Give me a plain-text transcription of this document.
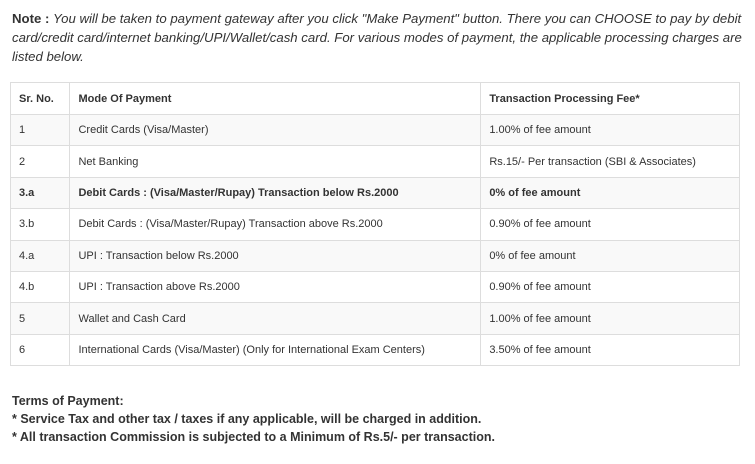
Note : You will be taken to payment gateway after you click "Make Payment" button. There you can CHOOSE to pay by debit card/credit card/internet banking/UPI/Wallet/cash card. For various modes of payment, the applicable processing charges are listed below.
Sr. No.	Mode Of Payment	Transaction Processing Fee*
1	Credit Cards (Visa/Master)	1.00% of fee amount
2	Net Banking	Rs.15/- Per transaction (SBI & Associates)
3.a	Debit Cards : (Visa/Master/Rupay) Transaction below Rs.2000	0% of fee amount
3.b	Debit Cards : (Visa/Master/Rupay) Transaction above Rs.2000	0.90% of fee amount
4.a	UPI : Transaction below Rs.2000	0% of fee amount
4.b	UPI : Transaction above Rs.2000	0.90% of fee amount
5	Wallet and Cash Card	1.00% of fee amount
6	International Cards (Visa/Master) (Only for International Exam Centers)	3.50% of fee amount
Terms of Payment:
* Service Tax and other tax / taxes if any applicable, will be charged in addition.
* All transaction Commission is subjected to a Minimum of Rs.5/- per transaction.
